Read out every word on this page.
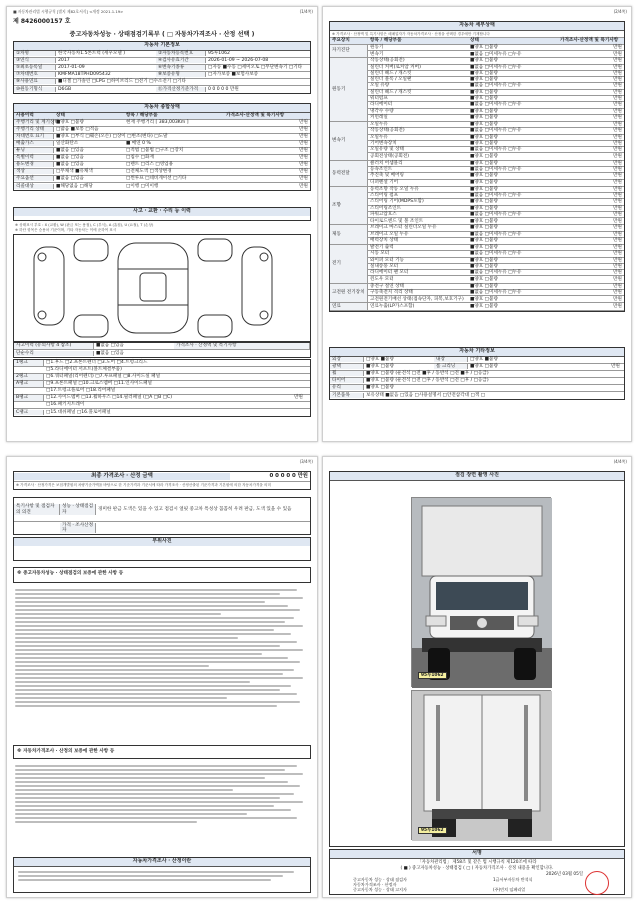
■ 자동차관리법 시행규칙 [별지 제82호서식] <개정 2021.1.19>	(1/4쪽)
제 8426000157 호
중고자동차성능 · 상태점검기록부 ( □ 자동차가격조사 · 산정 선택 )
자동차 기본정보
①차명	한국자동차1.5톤트럭 (세우모델 )	②자동차등록번호	95루1062
③연식	2017	④검사유효기간	2026-01-09 ~ 2026-07-08
⑤최초등록일	2017-01-09	⑥변속기종류	□자동 ■수동 □세미오토 □무단변속기 □기타
⑦차대번호	KMFMA18TPHD095432	⑧보증유형	□자가보증 ■보험사보증
⑨사용연료	■디젤 □가솔린 □LPG □하이브리드 □전기 □수소전기 □기타
⑩원동기형식	D6GB	⑪가격산정기준가격	0 0 0 0 0 만원
자동차 종합상태
사용이력	상태	항목 / 해당부품	가격조사·산정액 및 특기사항
주행거리 및 계기상태
■양호 □불량	현재 주행거리 [ 383,003Km ]	만원
주행거리 상태	□많음 ■보통 □적음	만원
차대번호 표기	■양호 □부식 □훼손(오손) □상이 □변조(변타) □도말	만원
배출가스	일산화탄소	■ 매연 0 %	만원
튜닝	■없음 □있음	□적법 □불법 □구조 □장치	만원
특별이력	■없음 □있음	□침수 □화재	만원
용도변경	■없음 □있음	□렌트 □리스 □영업용	만원
색상	□무채색 ■유채색	□전체도색 □색상변경	만원
주요옵션	■없음 □있음	□썬루프 □네비게이션 □기타	만원
리콜대상	■해당없음 □해당	□이행 □미이행	만원
사고 · 교환 · 수리 등 이력
※ 상태표시 부호 : X (교환), W (판금 또는 용접), C (부식), A (흠집), U (요철), T (손상)
※ 하단 항목은 승용차 기준이며, 기타 자동차는 이에 준하여 표시
사고이력 (유의사항 4 참조)	■없음 □있음	가격조사 · 산정액 및 특기사항
단순수리	■없음 □있음
1랭크	□1.후드 □2.프론트펜더 □3.도어 □4.트렁크리드
□5.라디에이터 서포트(볼트체결부품)
2랭크	□6.쿼터패널(리어펜더) □7.루프패널 □8.사이드실 패널
A랭크	□9.프론트패널 □10.크로스멤버 □11.인사이드패널
□17.트렁크플로어 □18.리어패널
B랭크	□12.사이드멤버 □13.휠하우스 □14.필러패널 (□A □B □C)
□16.패키지트레이
C랭크	□15.대쉬패널 □16.플로어패널
만원
(2/4쪽)
자동차 세부상태
※ 가격조사 · 산정액 및 특기사항은 매매업자가 자동차가격조사 · 산정을 선택한 경우에만 기재합니다
주요장치	항목 / 해당부품	상태	가격조사·산정액 및 특기사항
자기진단
원동기	■양호 □불량	만원
변속기	■없음 □미세누유 □누유	만원
원동기
작동상태(공회전)	■양호 □불량	만원
실린더 커버(로커암 커버)	■없음 □미세누유 □누유	만원
실린더 헤드 / 개스킷	■양호 □불량	만원
실린더 블록 / 오일팬	■양호 □불량	만원
오일 유량	■없음 □미세누유 □누유	만원
실린더 헤드 / 개스킷	■양호 □불량	만원
워터펌프	■양호 □불량	만원
라디에이터	■없음 □미세누유 □누유	만원
냉각수 수량	■양호 □불량	만원
커먼레일	■양호 □불량	만원
변속기
오일누유	■양호 □불량	만원
작동상태(공회전)	■없음 □미세누유 □누유	만원
오일누유	■양호 □불량	만원
기어변속장치	■양호 □불량	만원
오일유량 및 상태	■없음 □미세누유 □누유	만원
공회전상태(공회전)	■양호 □불량	만원
동력전달
클러치 어셈블리	■양호 □불량	만원
등속조인트	■없음 □미세누유 □누유	만원
추진축 및 베어링	■양호 □불량	만원
디퍼렌셜 기어	■양호 □불량	만원
조향
동력조향 작동 오일 누유	■양호 □불량	만원
스티어링 펌프	■없음 □미세누유 □누유	만원
스티어링 기어(MDPS포함)	■양호 □불량	만원
스티어링조인트	■양호 □불량	만원
파워고압호스	■없음 □미세누유 □누유	만원
타이로드엔드 및 볼 조인트	■양호 □불량	만원
제동
브레이크 마스터 실린더오일 누유	■양호 □불량	만원
브레이크 오일 누유	■없음 □미세누유 □누유	만원
배력장치 상태	■양호 □불량	만원
전기
발전기 출력	■양호 □불량	만원
시동 모터	■없음 □미세누유 □누유	만원
와이퍼 모터 기능	■양호 □불량	만원
실내송풍 모터	■양호 □불량	만원
라디에이터 팬 모터	■없음 □미세누유 □누유	만원
윈도우 모터	■양호 □불량	만원
고전원 전기장치
충전구 절연 상태	■양호 □불량	만원
구동축전지 격리 상태	■없음 □미세누유 □누유	만원
고전원전기배선 상태(접속단자, 피복,보호기구)	■양호 □불량	만원
연료	연료누출(LP가스포함)	■양호 □불량	만원
자동차 기타정보
외장	□양호 ■불량	내장	□양호 ■불량
광택	■양호 □불량	룸 크리닝	■양호 □불량
휠	■양호 □불량 (운전석 □전 ■후 / 동반석 □전 ■후 / □응급)
타이어	■양호 □불량 (운전석 □전 □후 / 동반석 □전 □후 / □응급)
유리	■양호 □불량
기본품목	보유상태 ■없음 □있음 □사용설명서 □안전삼각대 □잭 □
만원
(3/4쪽)
최종 가격조사 · 산정 금액	0 0 0 0 0 만원
※ 가격조사 · 산정가격은 보험개발원의 차량기준가액을 바탕으로 한 기준가격과 기준서에 따라 가격조사 · 산정산출된 기준가격과 기본원에 의한 자동차가격을 의미
특기사항 및 점검자의 의견
성능 · 상태점검자
경미한 판금 도색은 있을 수 있고 점검시 얼핏 중고차 특성상 꼼꼼히 우려 판금, 도색 있을 수 있음
가격 · 조사산정자
부위사진
※ 중고자동차성능 · 상태점검의 보증에 관한 사항 등
※ 자동차가격조사 · 산정의 보증에 관한 사항 등
자동차가격조사 · 산정이란
(4/4쪽)
점검 장면 촬영 사진
95루1062
95루1062
서명
「자동차관리법」 제58조 및 같은 법 시행규칙 제120조에 따라
( ■ ) 중고자동차성능 · 상태점검 ( □ ) 자동차가격조사 · 산정 내용을 확인합니다.
2026년 03월 05일
중고자동차 성능 · 상태 점검자	1급서부자동차 반석식
자동차가격조사 · 산정자
중고자동차 성능 · 상태 고지자	(주)빈치 임페리얼
